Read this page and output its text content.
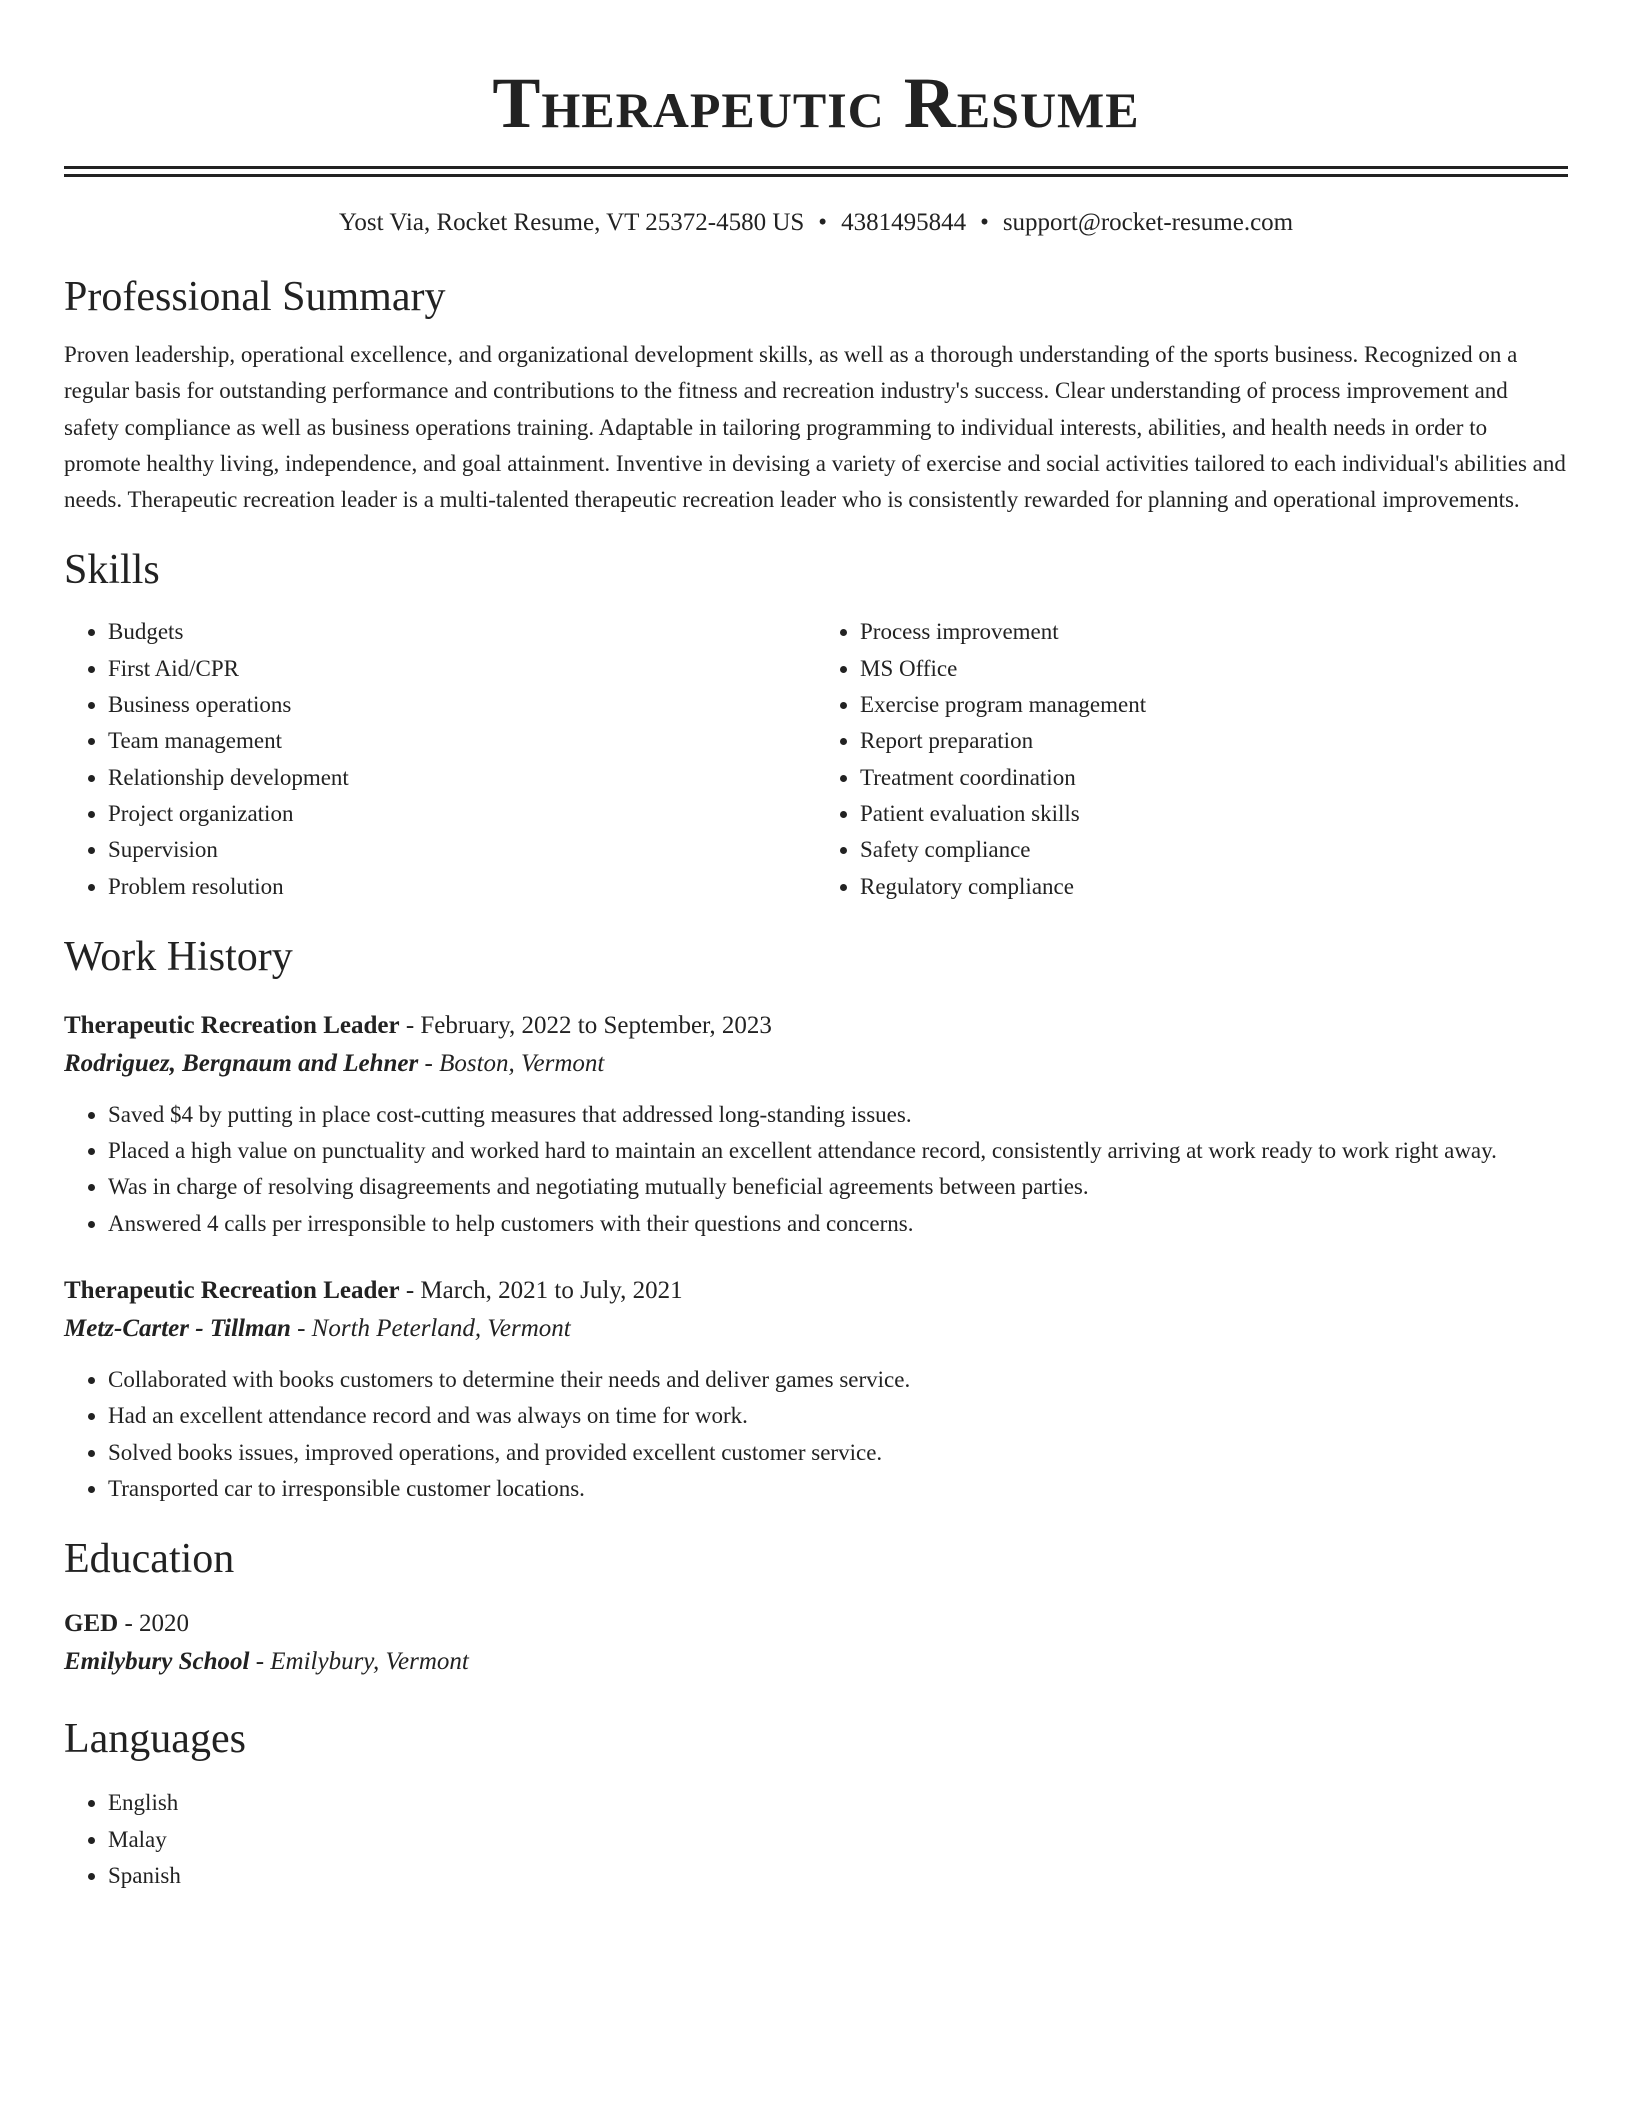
Therapeutic Resume
Yost Via, Rocket Resume, VT 25372-4580 US • 4381495844 • support@rocket-resume.com
Professional Summary

Proven leadership, operational excellence, and organizational development skills, as well as a thorough understanding of the sports business. Recognized on a regular basis for outstanding performance and contributions to the fitness and recreation industry's success. Clear understanding of process improvement and safety compliance as well as business operations training. Adaptable in tailoring programming to individual interests, abilities, and health needs in order to promote healthy living, independence, and goal attainment. Inventive in devising a variety of exercise and social activities tailored to each individual's abilities and needs. Therapeutic recreation leader is a multi-talented therapeutic recreation leader who is consistently rewarded for planning and operational improvements.

Skills
• Budgets
• First Aid/CPR
• Business operations
• Team management
• Relationship development
• Project organization
• Supervision
• Problem resolution
• Process improvement
• MS Office
• Exercise program management
• Report preparation
• Treatment coordination
• Patient evaluation skills
• Safety compliance
• Regulatory compliance
Work History

Therapeutic Recreation Leader - February, 2022 to September, 2023

Rodriguez, Bergnaum and Lehner - Boston, Vermont

• Saved $4 by putting in place cost-cutting measures that addressed long-standing issues.
• Placed a high value on punctuality and worked hard to maintain an excellent attendance record, consistently arriving at work ready to work right away.
• Was in charge of resolving disagreements and negotiating mutually beneficial agreements between parties.
• Answered 4 calls per irresponsible to help customers with their questions and concerns.

Therapeutic Recreation Leader - March, 2021 to July, 2021

Metz-Carter - Tillman - North Peterland, Vermont

• Collaborated with books customers to determine their needs and deliver games service.
• Had an excellent attendance record and was always on time for work.
• Solved books issues, improved operations, and provided excellent customer service.
• Transported car to irresponsible customer locations.
Education

GED - 2020

Emilybury School - Emilybury, Vermont

Languages
• English
• Malay
• Spanish
